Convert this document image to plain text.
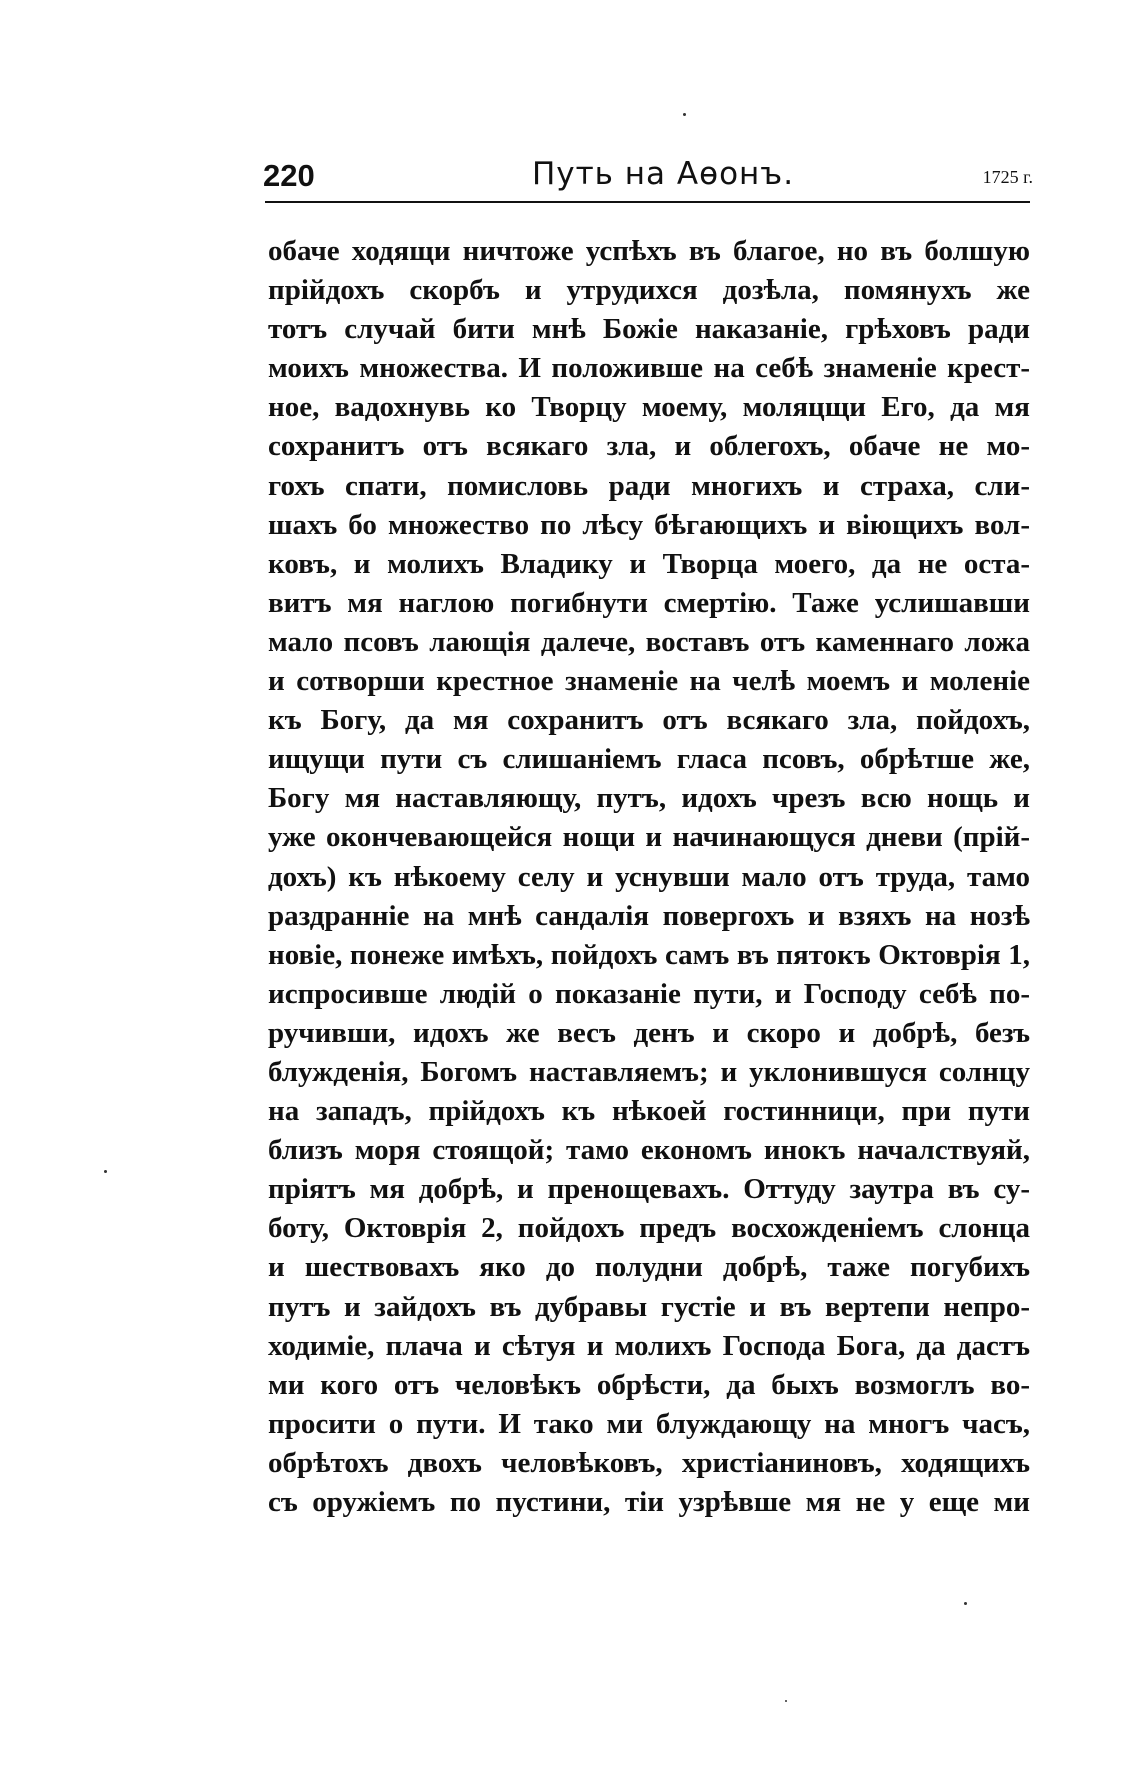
220	Путь на Аѳонъ.	1725 г.
обаче ходящи ничтоже успѣхъ въ благое, но въ болшую
прійдохъ скорбъ и утрудихся дозѣла, помянухъ же
тотъ случай бити мнѣ Божіе наказаніе, грѣховъ ради
моихъ множества. И положивше на себѣ знаменіе крест-
ное, вадохнувь ко Творцу моему, моляцщи Его, да мя
сохранитъ отъ всякаго зла, и облегохъ, обаче не мо-
гохъ спати, помисловь ради многихъ и страха, сли-
шахъ бо множество по лѣсу бѣгающихъ и віющихъ вол-
ковъ, и молихъ Владику и Творца моего, да не оста-
витъ мя наглою погибнути смертію. Таже услишавши
мало псовъ лающія далече, воставъ отъ каменнаго ложа
и сотворши крестное знаменіе на челѣ моемъ и моленіе
къ Богу, да мя сохранитъ отъ всякаго зла, пойдохъ,
ищущи пути съ слишаніемъ гласа псовъ, обрѣтше же,
Богу мя наставляющу, путъ, идохъ чрезъ всю нощь и
уже окончевающейся нощи и начинающуся дневи (прій-
дохъ) къ нѣкоему селу и уснувши мало отъ труда, тамо
раздранніе на мнѣ сандалія повергохъ и взяхъ на нозѣ
новіе, понеже имѣхъ, пойдохъ самъ въ пятокъ Октоврія 1,
испросивше людій о показаніе пути, и Господу себѣ по-
ручивши, идохъ же весъ денъ и скоро и добрѣ, безъ
блужденія, Богомъ наставляемъ; и уклонившуся солнцу
на западъ, прійдохъ къ нѣкоей гостинници, при пути
близъ моря стоящой; тамо економъ инокъ началствуяй,
пріятъ мя добрѣ, и пренощевахъ. Оттуду заутра въ су-
боту, Октоврія 2, пойдохъ предъ восхожденіемъ слонца
и шествовахъ яко до полудни добрѣ, таже погубихъ
путъ и зайдохъ въ дубравы густіе и въ вертепи непро-
ходиміе, плача и сѣтуя и молихъ Господа Бога, да дастъ
ми кого отъ человѣкъ обрѣсти, да быхъ возмоглъ во-
просити о пути. И тако ми блуждающу на многъ часъ,
обрѣтохъ двохъ человѣковъ, христіаниновъ, ходящихъ
съ оружіемъ по пустини, тіи узрѣвше мя не у еще ми
